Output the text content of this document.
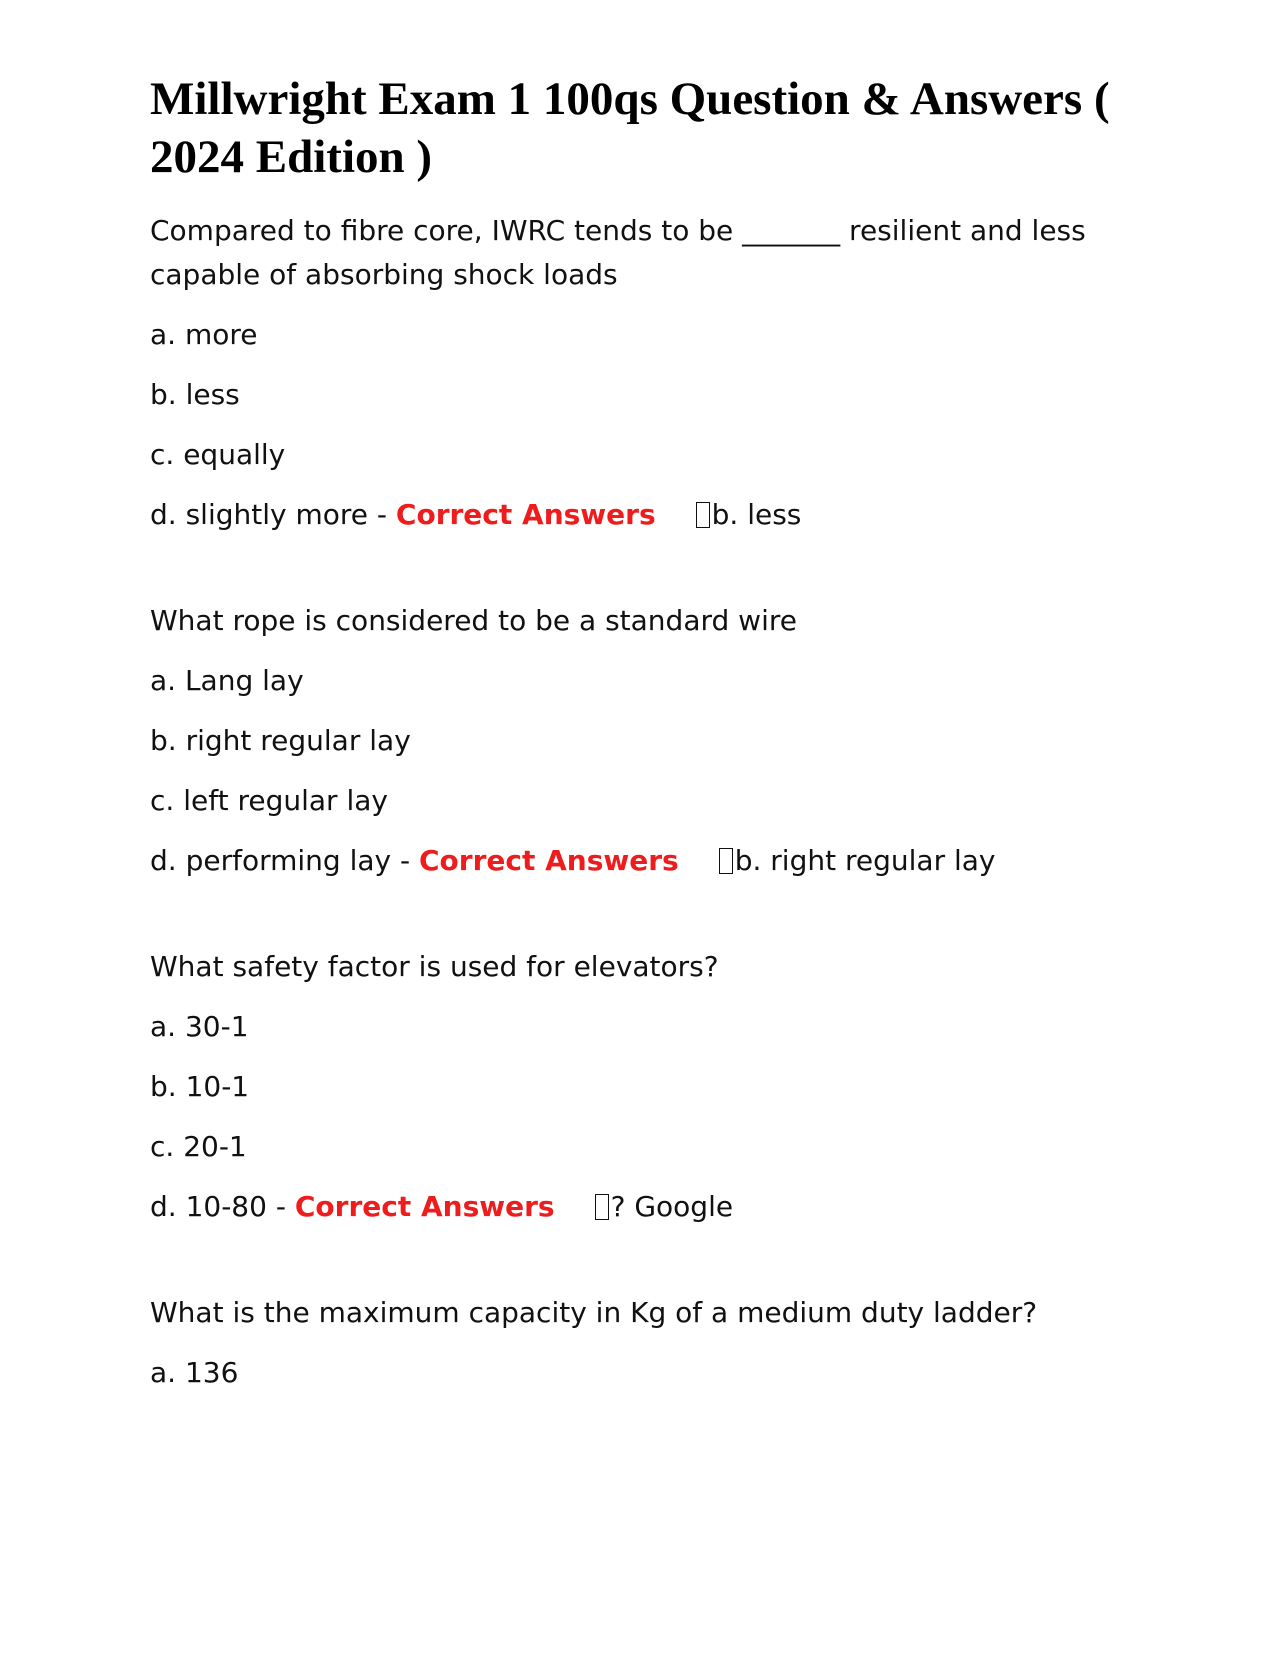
Millwright Exam 1 100qs Question & Answers ( 2024 Edition )

Compared to fibre core, IWRC tends to be _______ resilient and less capable of absorbing shock loads

a. more

b. less

c. equally

d. slightly more - Correct Answers b. less

What rope is considered to be a standard wire

a. Lang lay

b. right regular lay

c. left regular lay

d. performing lay - Correct Answers b. right regular lay

What safety factor is used for elevators?

a. 30-1

b. 10-1

c. 20-1

d. 10-80 - Correct Answers ? Google

What is the maximum capacity in Kg of a medium duty ladder?

a. 136
